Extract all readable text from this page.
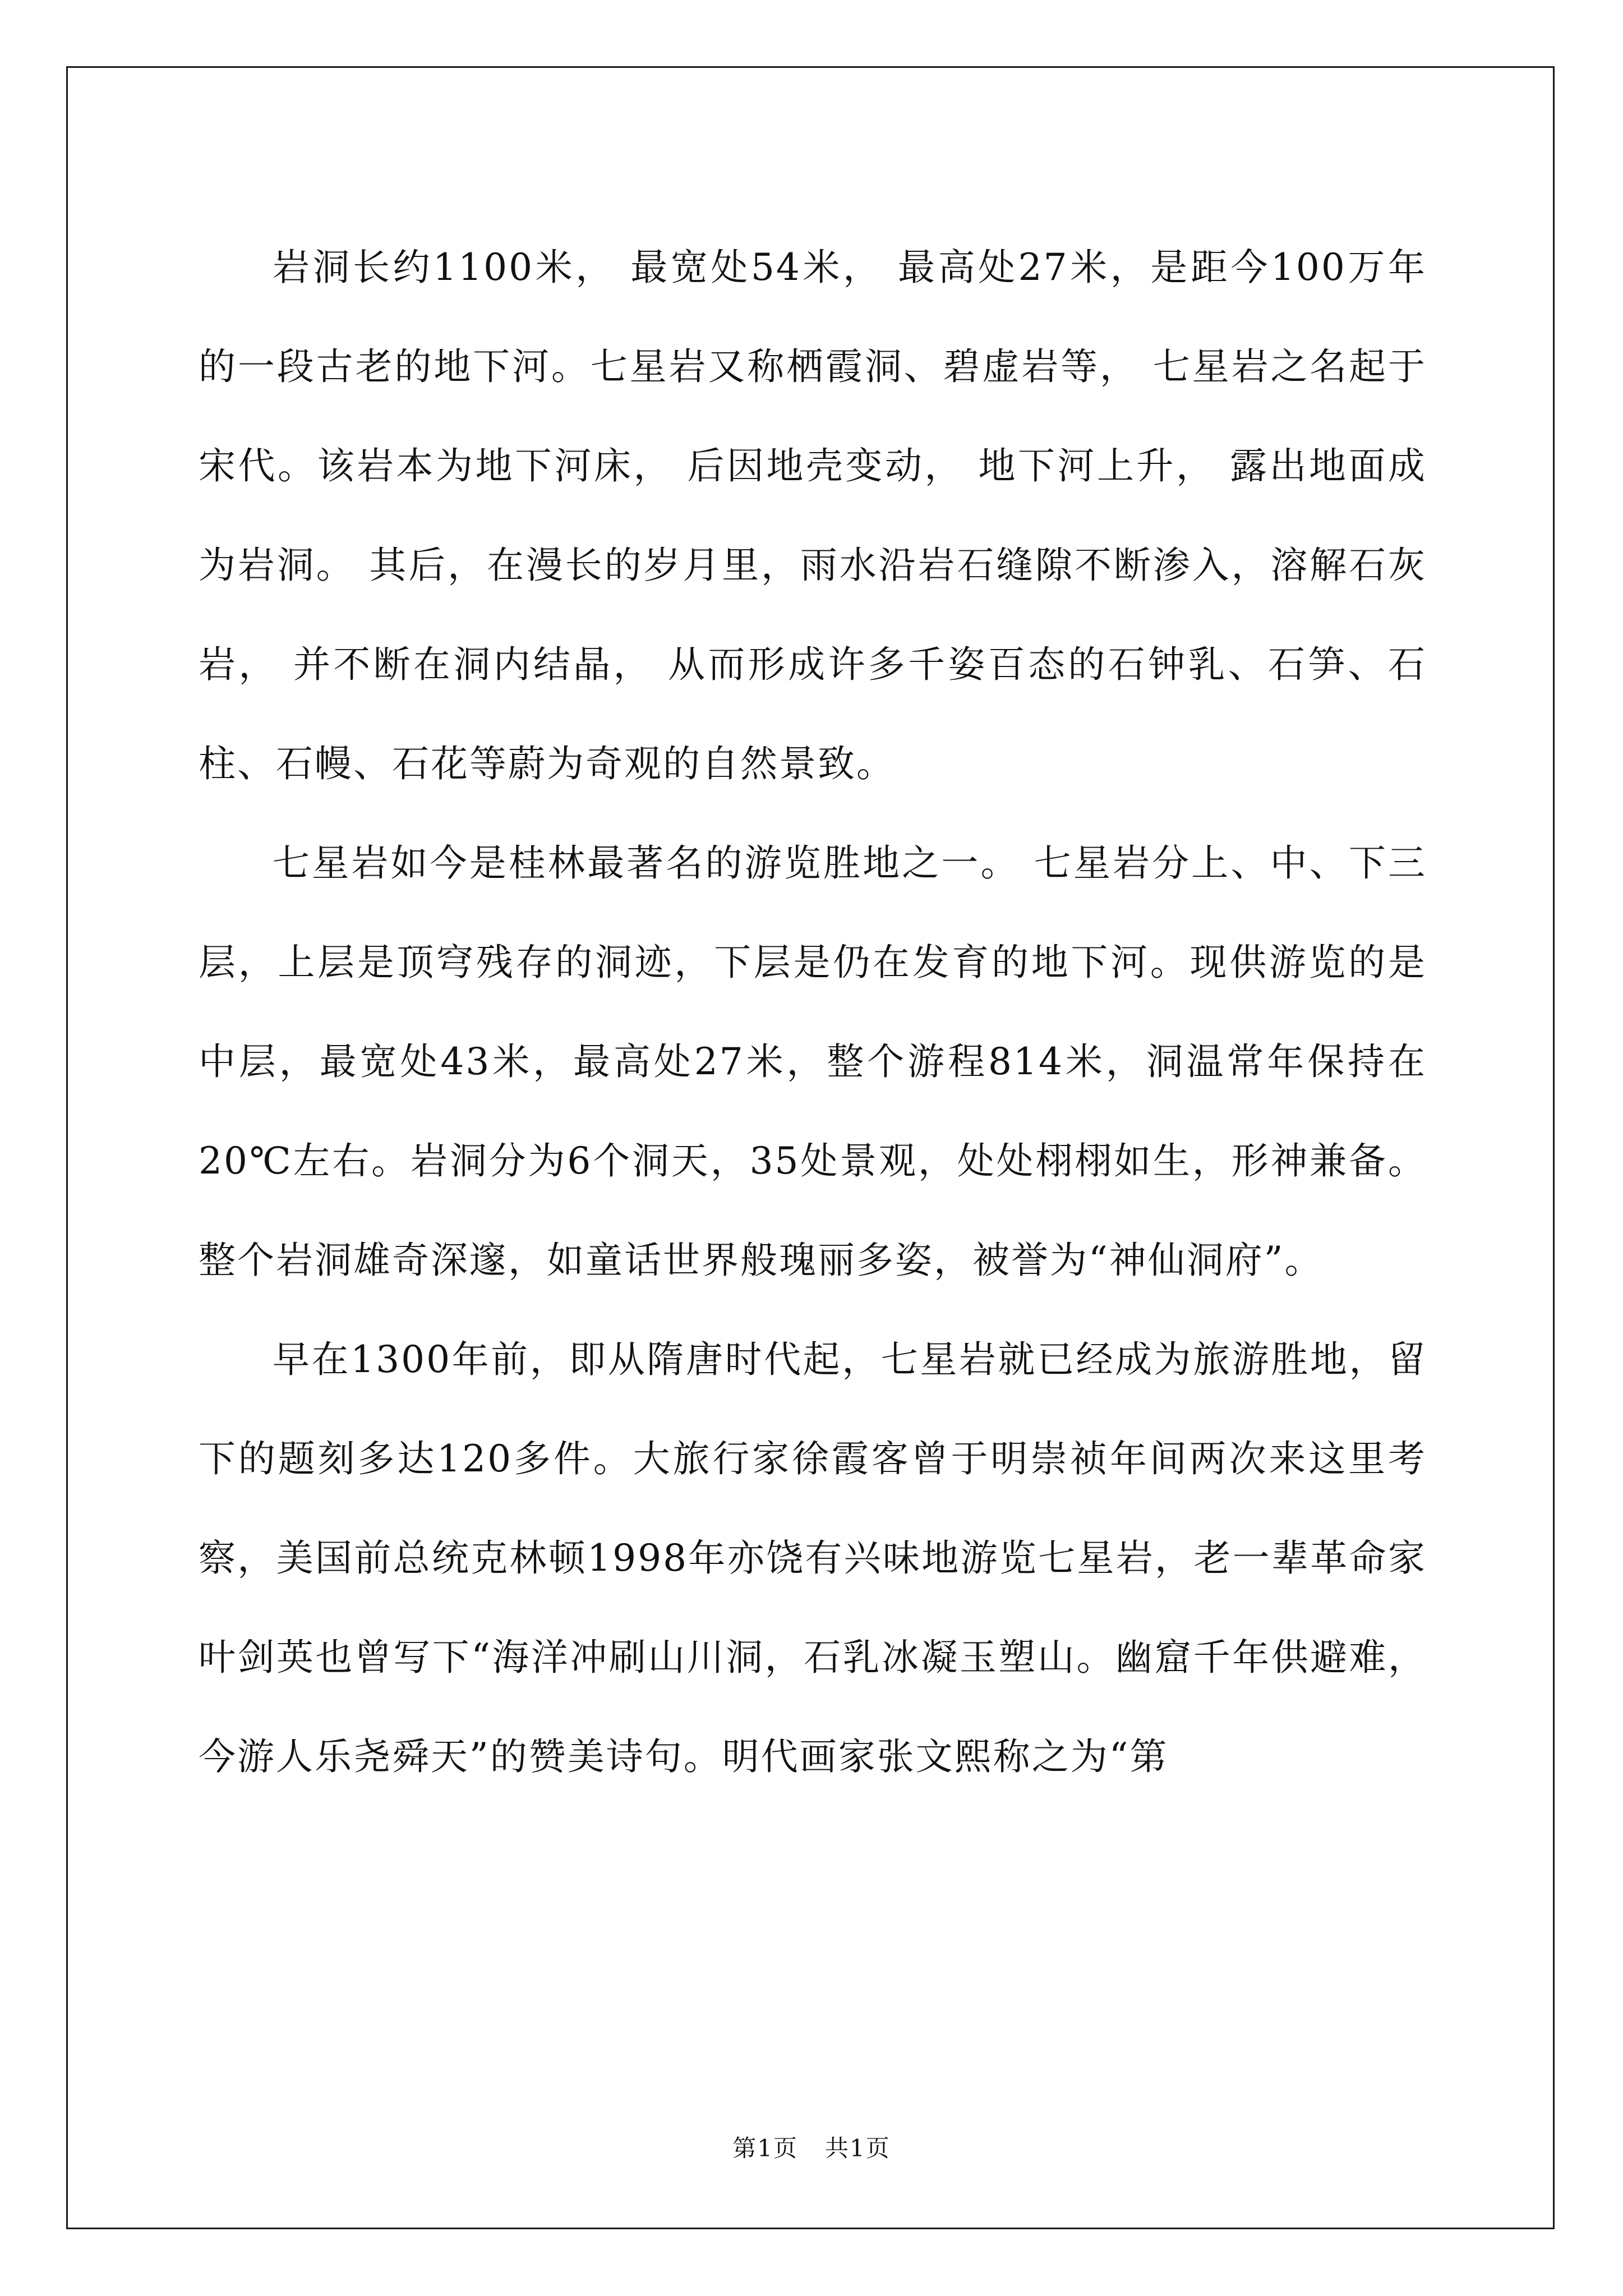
岩洞长约1100米， 最宽处54米， 最高处27米，是距今100万年的一段古老的地下河。七星岩又称栖霞洞、碧虚岩等， 七星岩之名起于宋代。该岩本为地下河床， 后因地壳变动， 地下河上升， 露出地面成为岩洞。 其后，在漫长的岁月里，雨水沿岩石缝隙不断渗入，溶解石灰岩， 并不断在洞内结晶， 从而形成许多千姿百态的石钟乳、石笋、石柱、石幔、石花等蔚为奇观的自然景致。

七星岩如今是桂林最著名的游览胜地之一。 七星岩分上、中、下三层，上层是顶穹残存的洞迹，下层是仍在发育的地下河。现供游览的是中层，最宽处43米，最高处27米，整个游程814米，洞温常年保持在20℃左右。岩洞分为6个洞天，35处景观，处处栩栩如生，形神兼备。整个岩洞雄奇深邃，如童话世界般瑰丽多姿，被誉为“神仙洞府”。

早在1300年前，即从隋唐时代起，七星岩就已经成为旅游胜地，留下的题刻多达120多件。大旅行家徐霞客曾于明崇祯年间两次来这里考察，美国前总统克林顿1998年亦饶有兴味地游览七星岩，老一辈革命家叶剑英也曾写下“海洋冲刷山川洞，石乳冰凝玉塑山。幽窟千年供避难，今游人乐尧舜天”的赞美诗句。明代画家张文熙称之为“第

第1页 共1页
